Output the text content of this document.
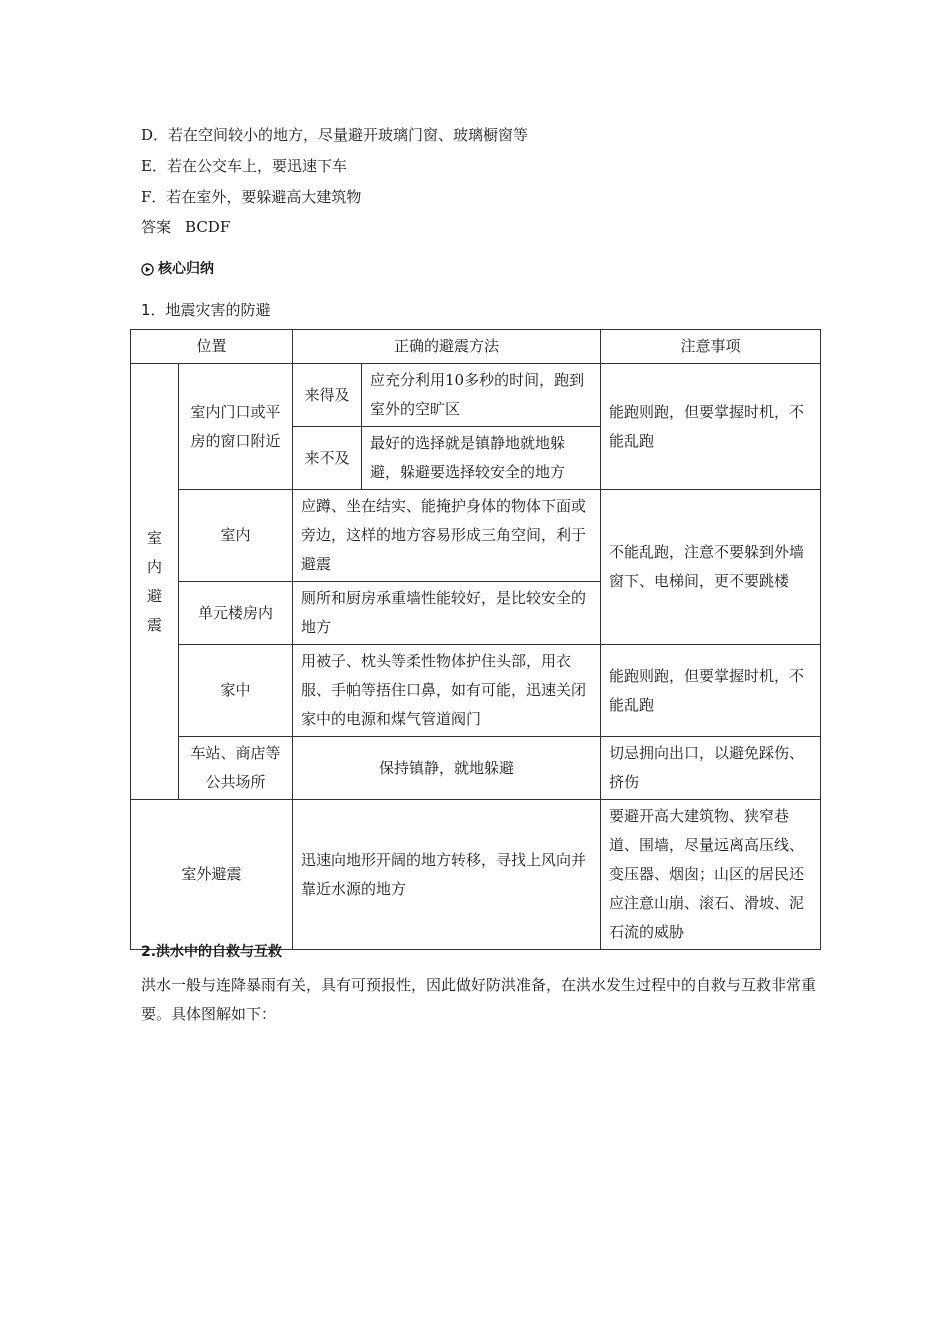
D．若在空间较小的地方，尽量避开玻璃门窗、玻璃橱窗等
E．若在公交车上，要迅速下车
F．若在室外，要躲避高大建筑物
答案 BCDF
核心归纳
1．地震灾害的防避
位置		正确的避震方法		注意事项

室
内
避
震	室内门口或平房的窗口附近	来得及	应充分利用10多秒的时间，跑到室外的空旷区	能跑则跑，但要掌握时机，不能乱跑
		来不及	最好的选择就是镇静地就地躲避，躲避要选择较安全的地方	
	室内	应蹲、坐在结实、能掩护身体的物体下面或旁边，这样的地方容易形成三角空间，利于避震		不能乱跑，注意不要躲到外墙窗下、电梯间，更不要跳楼
	单元楼房内	厕所和厨房承重墙性能较好，是比较安全的地方		
	家中	用被子、枕头等柔性物体护住头部，用衣服、手帕等捂住口鼻，如有可能，迅速关闭家中的电源和煤气管道阀门		能跑则跑，但要掌握时机，不能乱跑
	车站、商店等公共场所	保持镇静，就地躲避		切忌拥向出口，以避免踩伤、挤伤
室外避震		迅速向地形开阔的地方转移，寻找上风向并靠近水源的地方		要避开高大建筑物、狭窄巷道、围墙，尽量远离高压线、变压器、烟囱；山区的居民还应注意山崩、滚石、滑坡、泥石流的威胁
2.洪水中的自救与互救
洪水一般与连降暴雨有关，具有可预报性，因此做好防洪准备，在洪水发生过程中的自救与互救非常重要。具体图解如下：
